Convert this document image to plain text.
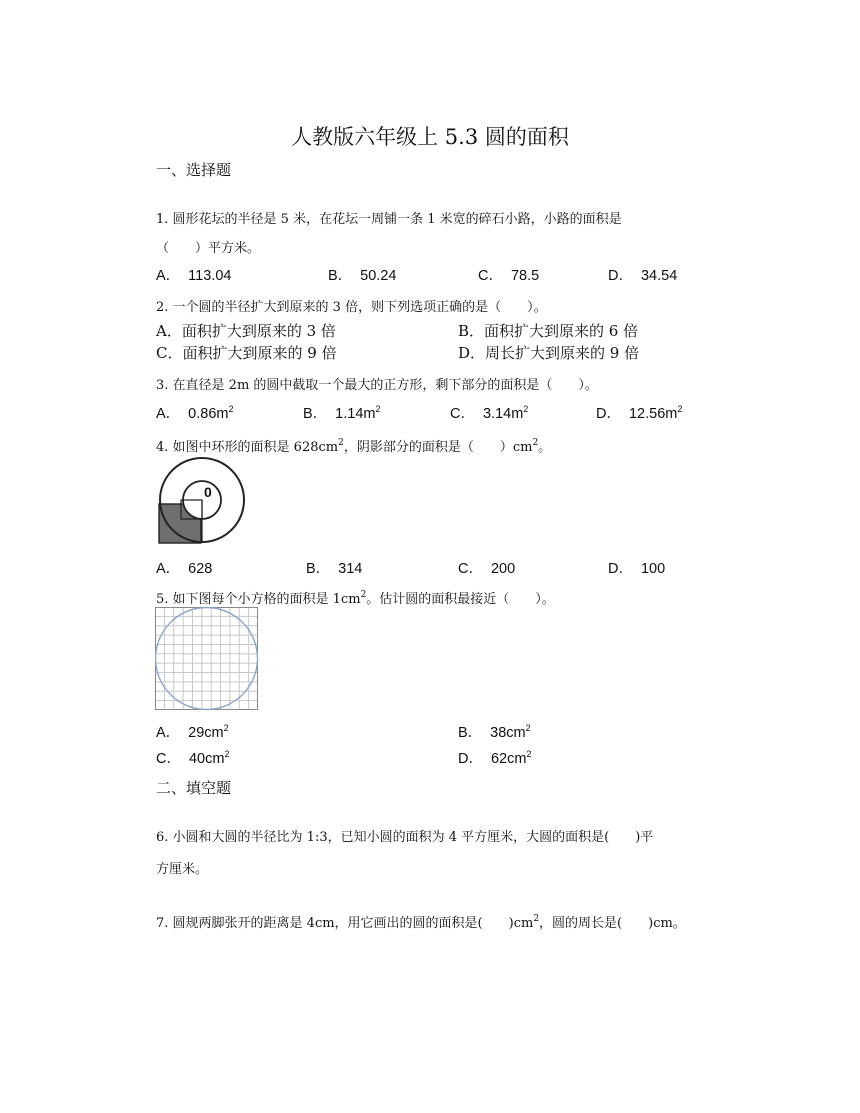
人教版六年级上 5.3 圆的面积
一、选择题
1. 圆形花坛的半径是 5 米，在花坛一周铺一条 1 米宽的碎石小路，小路的面积是
（　　）平方米。
A． 113.04	B． 50.24	C． 78.5	D． 34.54
2. 一个圆的半径扩大到原来的 3 倍，则下列选项正确的是（　　）。
A．面积扩大到原来的 3 倍	B．面积扩大到原来的 6 倍
C．面积扩大到原来的 9 倍	D．周长扩大到原来的 9 倍
3. 在直径是 2m 的圆中截取一个最大的正方形，剩下部分的面积是（　　）。
A． $0.86m^2$	B． $1.14m^2$	C． $3.14m^2$	D． $12.56m^2$
4. 如图中环形的面积是 $628cm^2$，阴影部分的面积是（　　）$cm^2$。
0
A． 628	B． 314	C． 200	D． 100
5. 如下图每个小方格的面积是 $1cm^2$。估计圆的面积最接近（　　）。
A． $29cm^2$	B． $38cm^2$
C． $40cm^2$	D． $62cm^2$
二、填空题
6. 小圆和大圆的半径比为 1:3，已知小圆的面积为 4 平方厘米，大圆的面积是(　　)平
方厘米。
7. 圆规两脚张开的距离是 4cm，用它画出的圆的面积是(　　)$cm^2$，圆的周长是(　　)cm。
